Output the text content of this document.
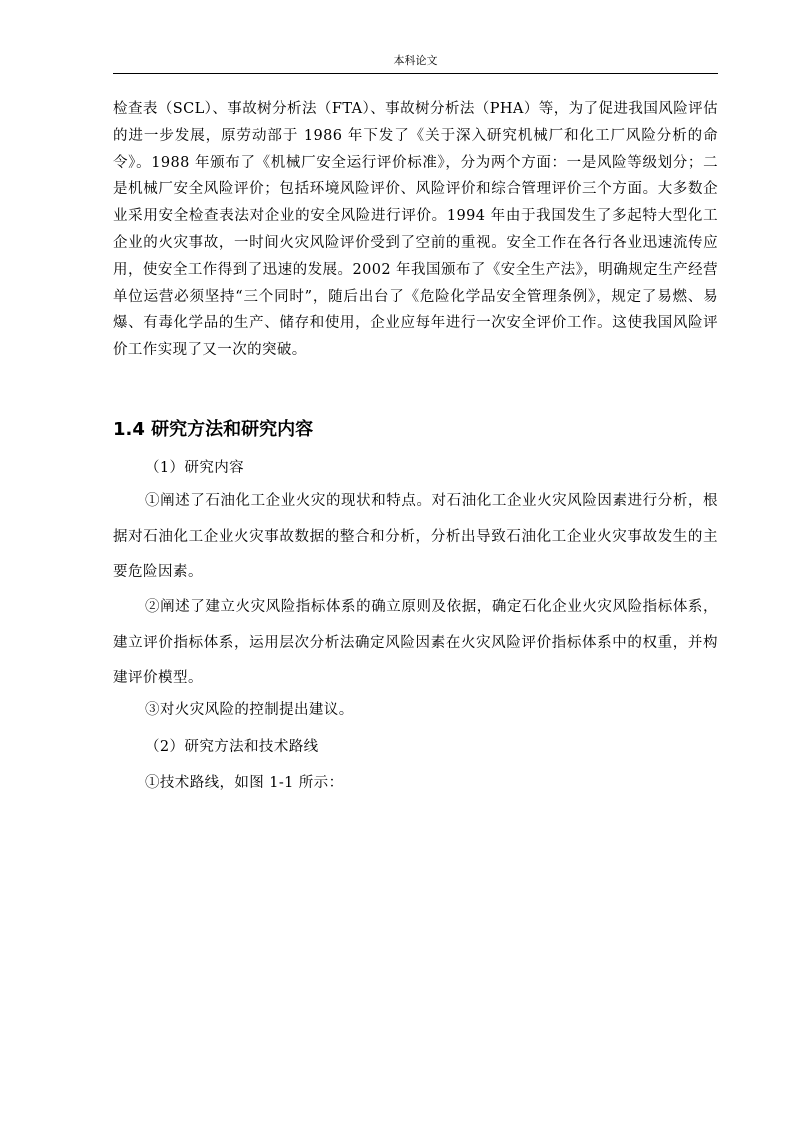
本科论文
检查表（SCL）、事故树分析法（FTA）、事故树分析法（PHA）等，为了促进我国风险评估的进一步发展，原劳动部于 1986 年下发了《关于深入研究机械厂和化工厂风险分析的命令》。1988 年颁布了《机械厂安全运行评价标准》，分为两个方面：一是风险等级划分；二是机械厂安全风险评价；包括环境风险评价、风险评价和综合管理评价三个方面。大多数企业采用安全检查表法对企业的安全风险进行评价。1994 年由于我国发生了多起特大型化工企业的火灾事故，一时间火灾风险评价受到了空前的重视。安全工作在各行各业迅速流传应用，使安全工作得到了迅速的发展。2002 年我国颁布了《安全生产法》，明确规定生产经营单位运营必须坚持“三个同时”，随后出台了《危险化学品安全管理条例》，规定了易燃、易爆、有毒化学品的生产、储存和使用，企业应每年进行一次安全评价工作。这使我国风险评价工作实现了又一次的突破。
1.4 研究方法和研究内容
（1）研究内容
①阐述了石油化工企业火灾的现状和特点。对石油化工企业火灾风险因素进行分析，根据对石油化工企业火灾事故数据的整合和分析，分析出导致石油化工企业火灾事故发生的主要危险因素。
②阐述了建立火灾风险指标体系的确立原则及依据，确定石化企业火灾风险指标体系，建立评价指标体系，运用层次分析法确定风险因素在火灾风险评价指标体系中的权重，并构建评价模型。
③对火灾风险的控制提出建议。
（2）研究方法和技术路线
①技术路线，如图 1-1 所示：
